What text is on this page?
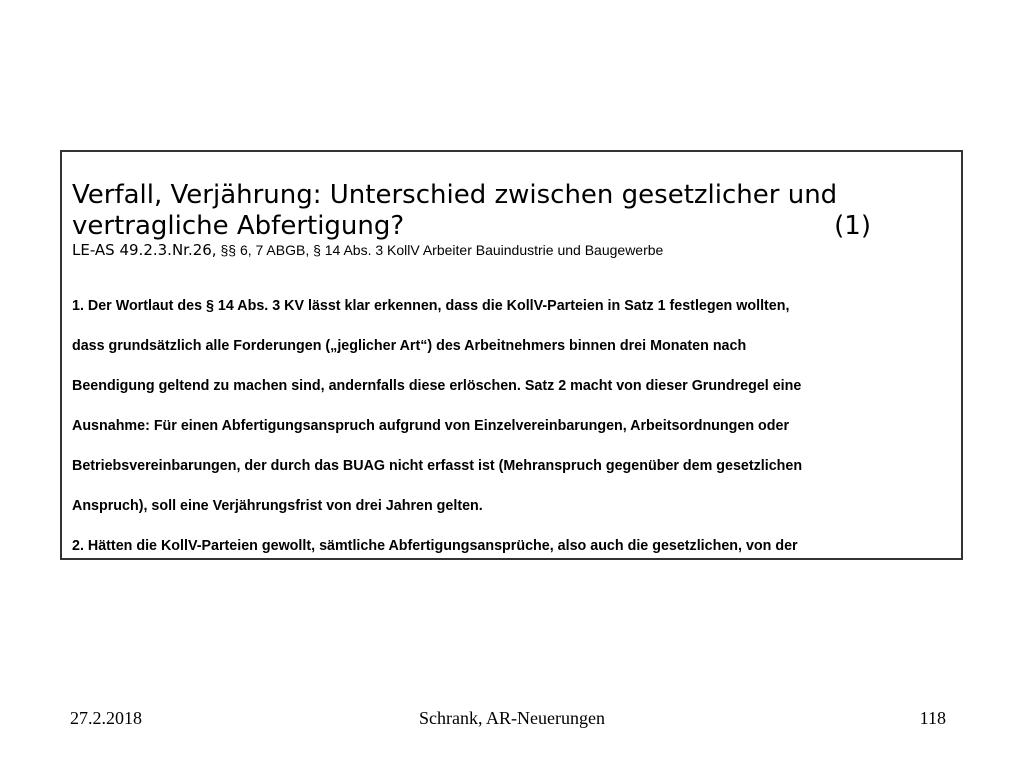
Verfall, Verjährung: Unterschied zwischen gesetzlicher und
vertragliche Abfertigung?	(1)
LE-AS 49.2.3.Nr.26, §§ 6, 7 ABGB, § 14 Abs. 3 KollV Arbeiter Bauindustrie und Baugewerbe

1. Der Wortlaut des § 14 Abs. 3 KV lässt klar erkennen, dass die KollV-Parteien in Satz 1 festlegen wollten,

dass grundsätzlich alle Forderungen („jeglicher Art“) des Arbeitnehmers binnen drei Monaten nach

Beendigung geltend zu machen sind, andernfalls diese erlöschen. Satz 2 macht von dieser Grundregel eine

Ausnahme: Für einen Abfertigungsanspruch aufgrund von Einzelvereinbarungen, Arbeitsordnungen oder

Betriebsvereinbarungen, der durch das BUAG nicht erfasst ist (Mehranspruch gegenüber dem gesetzlichen

Anspruch), soll eine Verjährungsfrist von drei Jahren gelten.

2. Hätten die KollV-Parteien gewollt, sämtliche Abfertigungsansprüche, also auch die gesetzlichen, von der

27.2.2018	Schrank, AR-Neuerungen	118
